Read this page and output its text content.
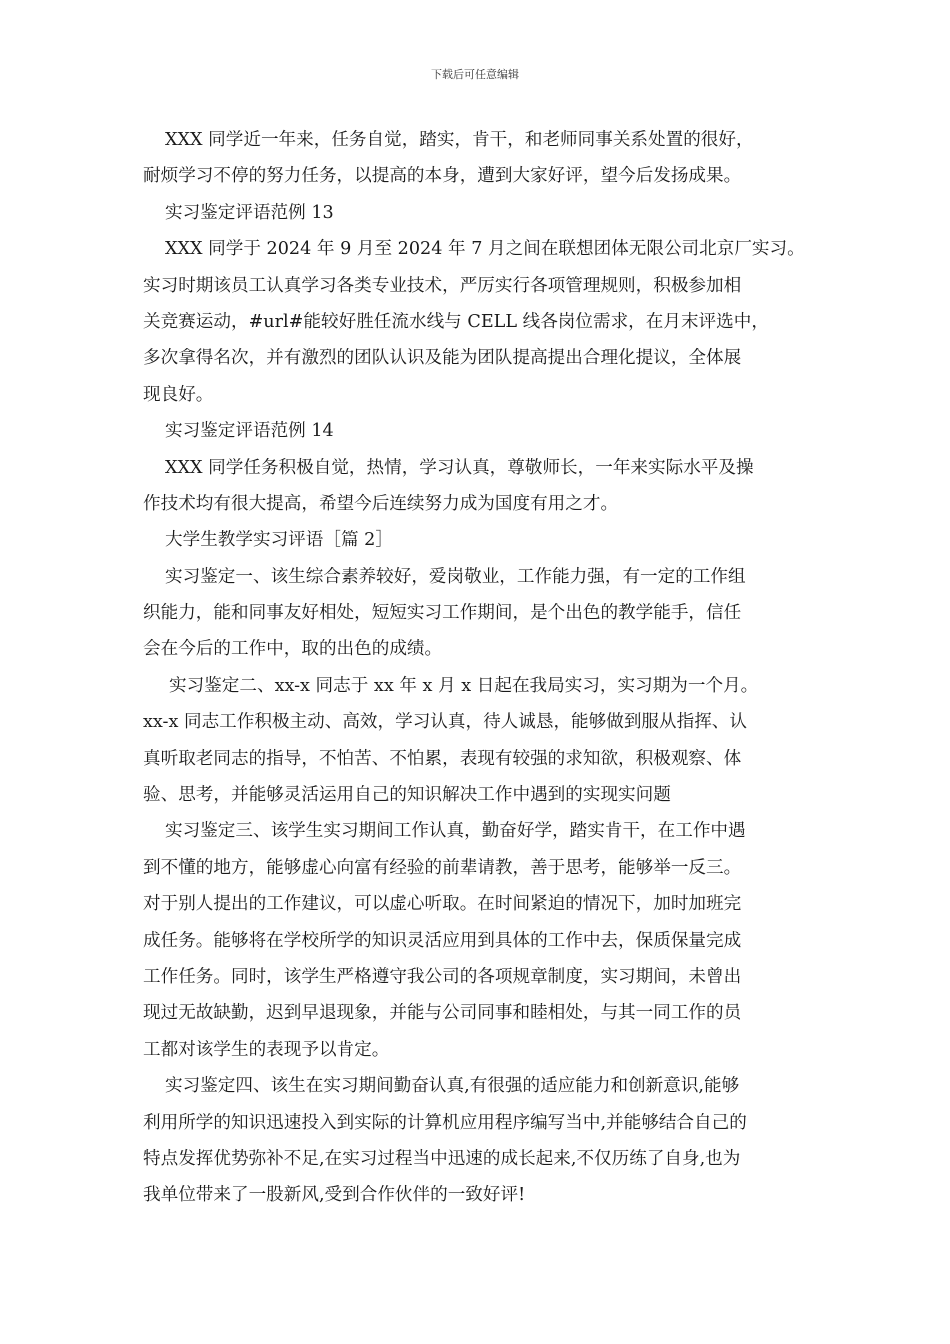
下载后可任意编辑
XXX 同学近一年来，任务自觉，踏实，肯干，和老师同事关系处置的很好，
耐烦学习不停的努力任务，以提高的本身，遭到大家好评，望今后发扬成果。
实习鉴定评语范例 13
XXX 同学于 2024 年 9 月至 2024 年 7 月之间在联想团体无限公司北京厂实习。
实习时期该员工认真学习各类专业技术，严厉实行各项管理规则，积极参加相
关竞赛运动，#url#能较好胜任流水线与 CELL 线各岗位需求，在月末评选中，
多次拿得名次，并有激烈的团队认识及能为团队提高提出合理化提议，全体展
现良好。
实习鉴定评语范例 14
XXX 同学任务积极自觉，热情，学习认真，尊敬师长，一年来实际水平及操
作技术均有很大提高，希望今后连续努力成为国度有用之才。
大学生教学实习评语［篇 2］
实习鉴定一、该生综合素养较好，爱岗敬业，工作能力强，有一定的工作组
织能力，能和同事友好相处，短短实习工作期间，是个出色的教学能手，信任
会在今后的工作中，取的出色的成绩。
实习鉴定二、xx-x 同志于 xx 年 x 月 x 日起在我局实习，实习期为一个月。
xx-x 同志工作积极主动、高效，学习认真，待人诚恳，能够做到服从指挥、认
真听取老同志的指导，不怕苦、不怕累，表现有较强的求知欲，积极观察、体
验、思考，并能够灵活运用自己的知识解决工作中遇到的实现实问题
实习鉴定三、该学生实习期间工作认真，勤奋好学，踏实肯干，在工作中遇
到不懂的地方，能够虚心向富有经验的前辈请教，善于思考，能够举一反三。
对于别人提出的工作建议，可以虚心听取。在时间紧迫的情况下，加时加班完
成任务。能够将在学校所学的知识灵活应用到具体的工作中去，保质保量完成
工作任务。同时，该学生严格遵守我公司的各项规章制度，实习期间，未曾出
现过无故缺勤，迟到早退现象，并能与公司同事和睦相处，与其一同工作的员
工都对该学生的表现予以肯定。
实习鉴定四、该生在实习期间勤奋认真,有很强的适应能力和创新意识,能够
利用所学的知识迅速投入到实际的计算机应用程序编写当中,并能够结合自己的
特点发挥优势弥补不足,在实习过程当中迅速的成长起来,不仅历练了自身,也为
我单位带来了一股新风,受到合作伙伴的一致好评!
